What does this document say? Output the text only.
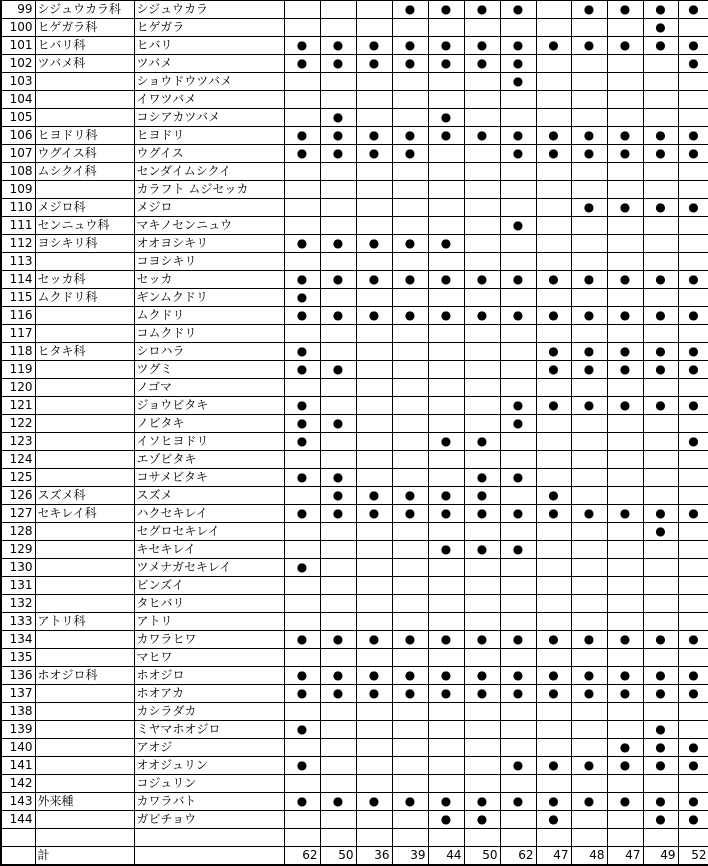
99	シジュウカラ科	シジュウカラ				●	●	●	●		●	●	●	●
100	ヒゲガラ科	ヒゲガラ											●	
101	ヒバリ科	ヒバリ	●	●	●	●	●	●	●	●	●	●	●	●
102	ツバメ科	ツバメ	●	●	●	●	●	●	●					●
103		ショウドウツバメ							●					
104		イワツバメ												
105		コシアカツバメ		●			●							
106	ヒヨドリ科	ヒヨドリ	●	●	●	●	●	●	●	●	●	●	●	●
107	ウグイス科	ウグイス	●	●	●	●			●	●	●	●	●	●
108	ムシクイ科	センダイムシクイ												
109		カラフト ムジセッカ												
110	メジロ科	メジロ									●	●	●	●
111	センニュウ科	マキノセンニュウ							●					
112	ヨシキリ科	オオヨシキリ	●	●	●	●	●							
113		コヨシキリ												
114	セッカ科	セッカ	●	●	●	●	●	●	●	●	●	●	●	●
115	ムクドリ科	ギンムクドリ	●											
116		ムクドリ	●	●	●	●	●	●	●	●	●	●	●	●
117		コムクドリ												
118	ヒタキ科	シロハラ	●							●	●	●	●	●
119		ツグミ	●	●						●	●	●	●	●
120		ノゴマ												
121		ジョウビタキ	●						●	●	●	●	●	●
122		ノビタキ	●	●					●					
123		イソヒヨドリ	●				●	●						●
124		エゾビタキ												
125		コサメビタキ	●	●				●	●					
126	スズメ科	スズメ		●	●	●	●	●		●				
127	セキレイ科	ハクセキレイ	●	●	●	●	●	●	●	●	●	●	●	●
128		セグロセキレイ											●	
129		キセキレイ					●	●	●					
130		ツメナガセキレイ	●											
131		ビンズイ												
132		タヒバリ												
133	アトリ科	アトリ												
134		カワラヒワ	●	●	●	●	●	●	●	●	●	●	●	●
135		マヒワ												
136	ホオジロ科	ホオジロ	●	●	●	●	●	●	●	●	●	●	●	●
137		ホオアカ	●	●	●	●	●	●	●	●	●	●	●	●
138		カシラダカ												
139		ミヤマホオジロ	●										●	
140		アオジ										●	●	●
141		オオジュリン	●						●	●	●	●	●	●
142		コジュリン												
143	外来種	カワラバト	●	●	●	●	●	●	●	●	●	●	●	●
144		ガビチョウ					●	●		●			●	●

	計		62	50	36	39	44	50	62	47	48	47	49	52
